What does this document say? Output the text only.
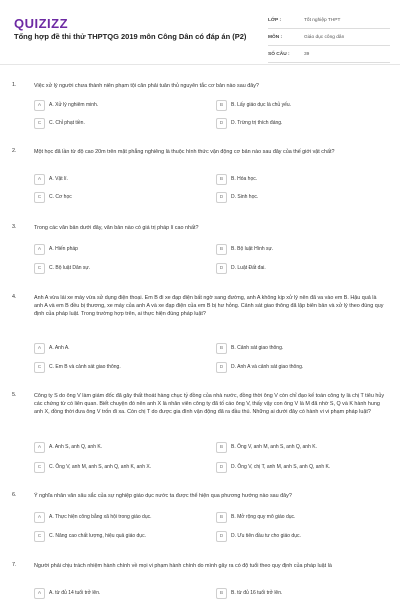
QUIZIZZ
Tổng hợp đề thi thử THPTQG 2019 môn Công Dân có đáp án (P2)
LỚP :	Tốt nghiệp THPT
MÔN :	Giáo dục công dân
SỐ CÂU :	39
1.	Việc xử lý người chưa thành niên phạm tội căn phải tuân thủ nguyên tắc cơ bản nào sau đây?
A	A. Xử lý nghiêm minh.	B	B. Lấy giáo dục là chủ yếu.
C	C. Chỉ phạt tiền.	D	D. Trừng trị thích đáng.
2.	Một học đã lần từ độ cao 20m trên mặt phẳng nghiêng là thuộc hình thức vận động cơ bản nào sau đây của thế giới vật chất?
A	A. Vật lí.	B	B. Hóa học.
C	C. Cơ học	D	D. Sinh học.
3.	Trong các văn bản dưới đây, văn bản nào có giá trị pháp lí cao nhất?
A	A. Hiến pháp	B	B. Bộ luật Hình sự.
C	C. Bộ luật Dân sự.	D	D. Luật Đất đai.
4.	Anh A vừa lái xe máy vừa sử dụng điện thoại. Em B đi xe đạp điện bất ngờ sang đường, anh A không kịp xử lý nên đã va vào em B. Hậu quả là anh A và em B đều bị thương, xe máy của anh A và xe đạp điện của em B bị hư hỏng. Cảnh sát giao thông đã lập biên bản và xử lý theo đúng quy định của pháp luật. Trong trường hợp trên, ai thực hiện đúng pháp luật?
A	A. Anh A.	B	B. Cảnh sát giao thông.
C	C. Em B và cảnh sát giao thông.	D	D. Anh A và cảnh sát giao thông.
5.	Công ty S do ông V làm giám đốc đã gây thất thoát hàng chục tỷ đồng của nhà nước, đồng thời ông V còn chỉ đạo kế toán công ty là chị T tiêu hủy các chứng từ có liên quan. Biết chuyện đó nên anh X là nhân viên công ty đã tố cáo ông V, thấy vậy con ông V là M đã nhờ S, Q và K hành hung anh X, đồng thời đưa ông V trốn đi xa. Còn chị T do được gia đình vận động đã ra đầu thú. Những ai dưới đây có hành vi vi phạm pháp luật?
A	A. Anh S, anh Q, anh K.	B	B. Ông V, anh M, anh S, anh Q, anh K.
C	C. Ông V, anh M, anh S, anh Q, anh K, anh X.	D	D. Ông V, chị T, anh M, anh S, anh Q, anh K.
6.	Ý nghĩa nhân văn sâu sắc của sự nghiệp giáo dục nước ta được thể hiện qua phương hướng nào sau đây?
A	A. Thực hiện công bằng xã hội trong giáo dục.	B	B. Mở rộng quy mô giáo dục.
C	C. Nâng cao chất lượng, hiệu quả giáo dục.	D	D. Ưu tiên đầu tư cho giáo dục.
7.	Người phải chịu trách nhiệm hành chính về mọi vi phạm hành chính do mình gây ra có độ tuổi theo quy định của pháp luật là
A	A. từ đủ 14 tuổi trở lên.	B	B. từ đủ 16 tuổi trở lên.
